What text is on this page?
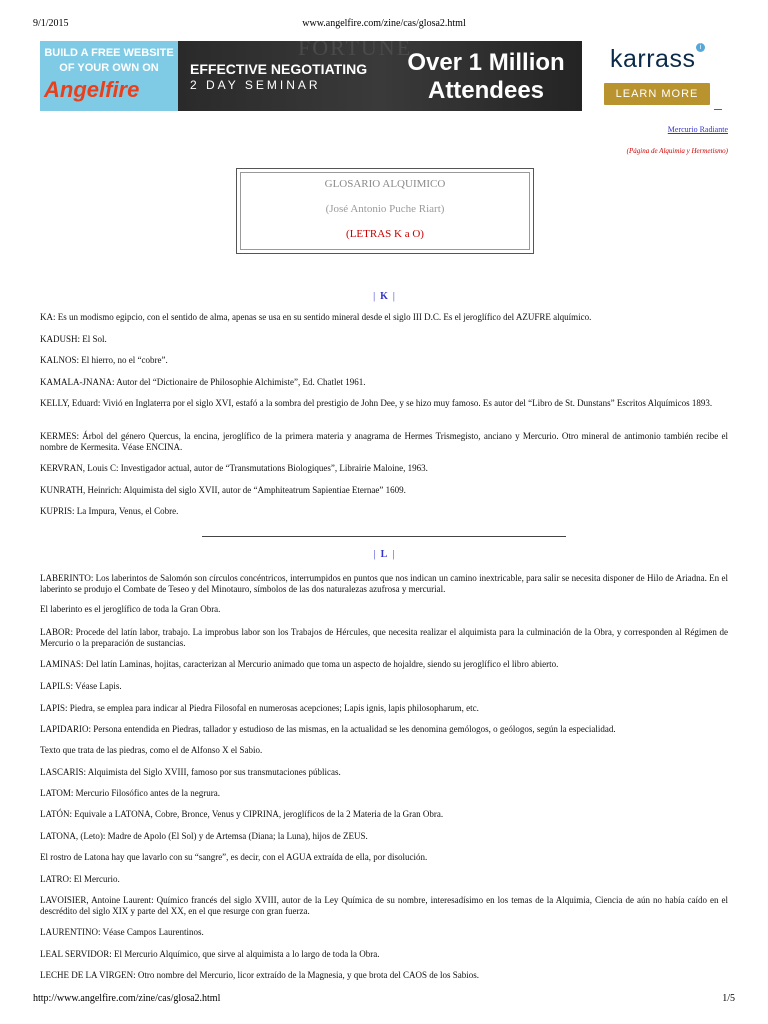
9/1/2015	www.angelfire.com/zine/cas/glosa2.html
BUILD A FREE WEBSITE
OF YOUR OWN ON
Angelfire
FORTUNE
EFFECTIVE NEGOTIATING
2 DAY SEMINAR
Over 1 Million Attendees
karrass i
LEARN MORE
Mercurio Radiante
(Página de Alquimia y Hermetismo)
GLOSARIO ALQUIMICO
(José Antonio Puche Riart)
(LETRAS K a O)
| K |
KA: Es un modismo egipcio, con el sentido de alma, apenas se usa en su sentido mineral desde el siglo III D.C. Es el jeroglífico del AZUFRE alquímico.
KADUSH: El Sol.
KALNOS: El hierro, no el “cobre”.
KAMALA-JNANA: Autor del “Dictionaire de Philosophie Alchimiste”, Ed. Chatlet 1961.
KELLY, Eduard: Vivió en Inglaterra por el siglo XVI, estafó a la sombra del prestigio de John Dee, y se hizo muy famoso. Es autor del “Libro de St. Dunstans” Escritos Alquímicos 1893.
KERMES: Árbol del género Quercus, la encina, jeroglífico de la primera materia y anagrama de Hermes Trismegisto, anciano y Mercurio. Otro mineral de antimonio también recibe el nombre de Kermesita. Véase ENCINA.
KERVRAN, Louis C: Investigador actual, autor de “Transmutations Biologiques”, Librairie Maloine, 1963.
KUNRATH, Heinrich: Alquimista del siglo XVII, autor de “Amphiteatrum Sapientiae Eternae” 1609.
KUPRIS: La Impura, Venus, el Cobre.
| L |
LABERINTO: Los laberintos de Salomón son círculos concéntricos, interrumpidos en puntos que nos indican un camino inextricable, para salir se necesita disponer de Hilo de Ariadna. En el laberinto se produjo el Combate de Teseo y del Minotauro, símbolos de las dos naturalezas azufrosa y mercurial.
El laberinto es el jeroglífico de toda la Gran Obra.
LABOR: Procede del latín labor, trabajo. La improbus labor son los Trabajos de Hércules, que necesita realizar el alquimista para la culminación de la Obra, y corresponden al Régimen de Mercurio o la preparación de sustancias.
LAMINAS: Del latín Laminas, hojitas, caracterizan al Mercurio animado que toma un aspecto de hojaldre, siendo su jeroglífico el libro abierto.
LAPILS: Véase Lapis.
LAPIS: Piedra, se emplea para indicar al Piedra Filosofal en numerosas acepciones; Lapis ignis, lapis philosopharum, etc.
LAPIDARIO: Persona entendida en Piedras, tallador y estudioso de las mismas, en la actualidad se les denomina gemólogos, o geólogos, según la especialidad.
Texto que trata de las piedras, como el de Alfonso X el Sabio.
LASCARIS: Alquimista del Siglo XVIII, famoso por sus transmutaciones públicas.
LATOM: Mercurio Filosófico antes de la negrura.
LATÓN: Equivale a LATONA, Cobre, Bronce, Venus y CIPRINA, jeroglíficos de la 2 Materia de la Gran Obra.
LATONA, (Leto): Madre de Apolo (El Sol) y de Artemsa (Diana; la Luna), hijos de ZEUS.
El rostro de Latona hay que lavarlo con su “sangre”, es decir, con el AGUA extraída de ella, por disolución.
LATRO: El Mercurio.
LAVOISIER, Antoine Laurent: Químico francés del siglo XVIII, autor de la Ley Química de su nombre, interesadísimo en los temas de la Alquimia, Ciencia de aún no había caído en el descrédito del siglo XIX y parte del XX, en el que resurge con gran fuerza.
LAURENTINO: Véase Campos Laurentinos.
LEAL SERVIDOR: El Mercurio Alquímico, que sirve al alquimista a lo largo de toda la Obra.
LECHE DE LA VIRGEN: Otro nombre del Mercurio, licor extraído de la Magnesia, y que brota del CAOS de los Sabios.
http://www.angelfire.com/zine/cas/glosa2.html	1/5
